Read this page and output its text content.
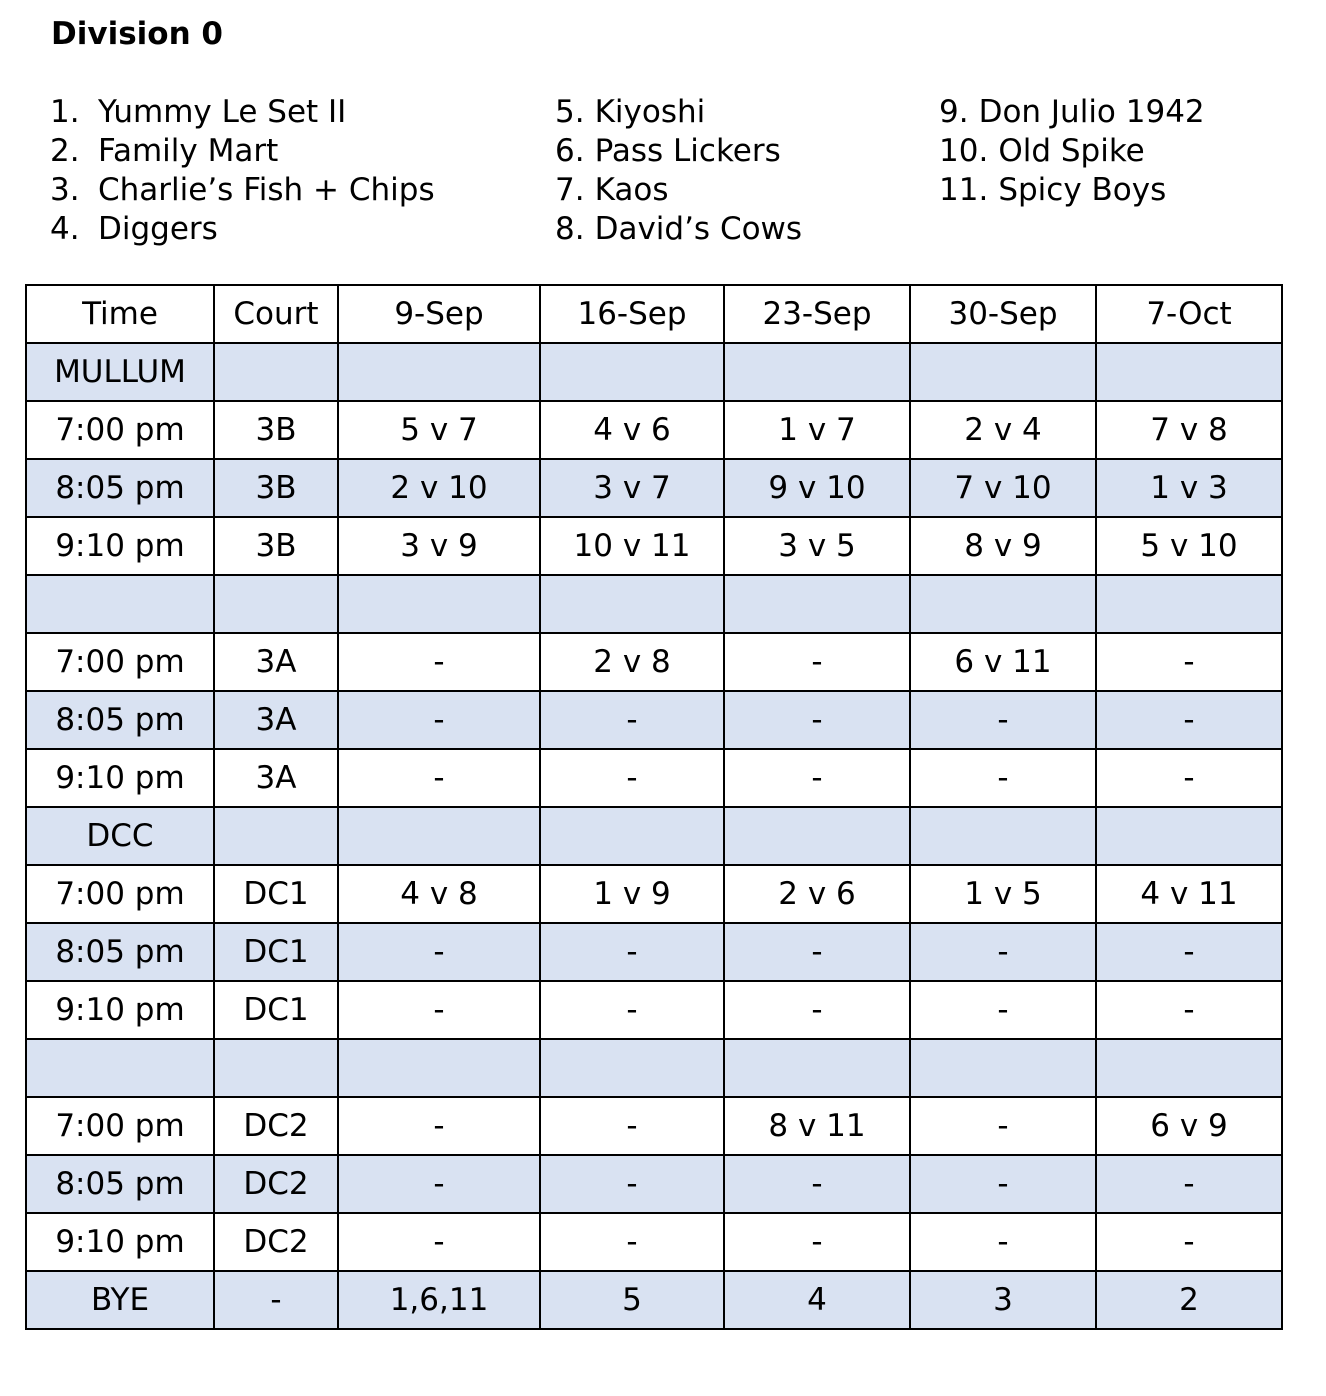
Division 0
1. Yummy Le Set II
2. Family Mart
3. Charlie’s Fish + Chips
4. Diggers
5. Kiyoshi
6. Pass Lickers
7. Kaos
8. David’s Cows
9. Don Julio 1942
10. Old Spike
11. Spicy Boys
Time	Court	9-Sep	16-Sep	23-Sep	30-Sep	7-Oct
MULLUM						
7:00 pm	3B	5 v 7	4 v 6	1 v 7	2 v 4	7 v 8
8:05 pm	3B	2 v 10	3 v 7	9 v 10	7 v 10	1 v 3
9:10 pm	3B	3 v 9	10 v 11	3 v 5	8 v 9	5 v 10

7:00 pm	3A	-	2 v 8	-	6 v 11	-
8:05 pm	3A	-	-	-	-	-
9:10 pm	3A	-	-	-	-	-
DCC						
7:00 pm	DC1	4 v 8	1 v 9	2 v 6	1 v 5	4 v 11
8:05 pm	DC1	-	-	-	-	-
9:10 pm	DC1	-	-	-	-	-

7:00 pm	DC2	-	-	8 v 11	-	6 v 9
8:05 pm	DC2	-	-	-	-	-
9:10 pm	DC2	-	-	-	-	-
BYE	-	1,6,11	5	4	3	2
